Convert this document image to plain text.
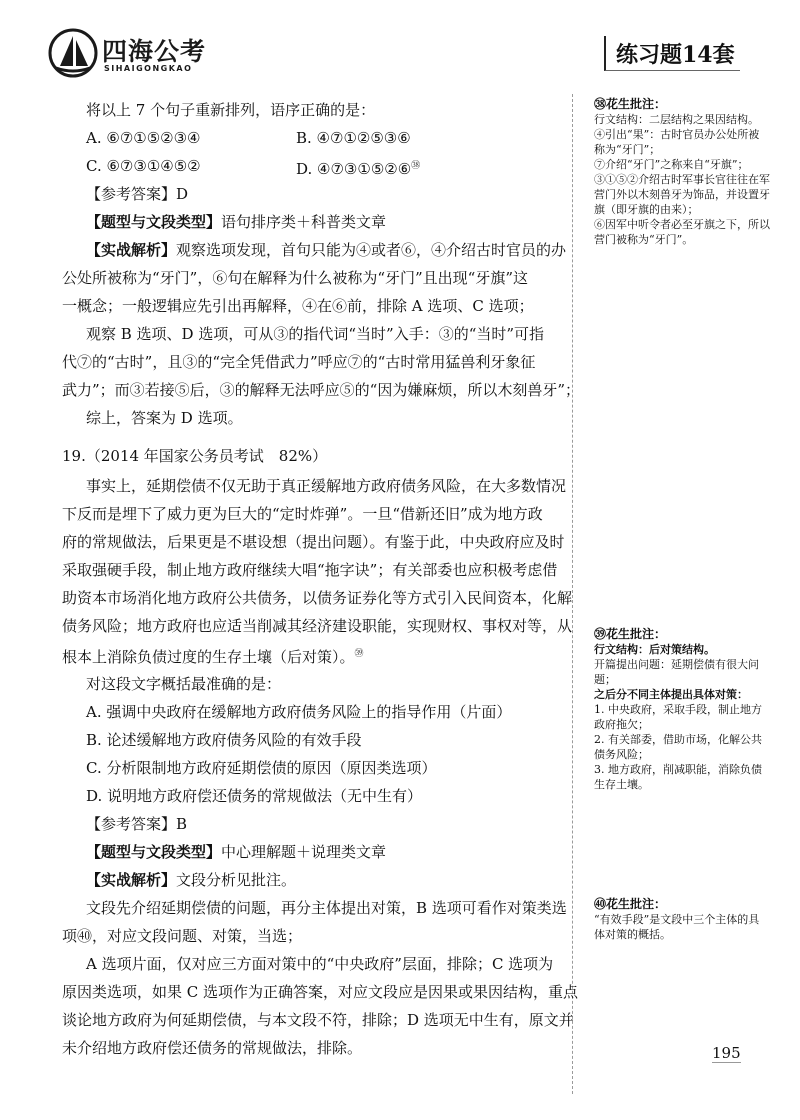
四海公考
SIHAIGONGKAO
练习题14套
将以上 7 个句子重新排列，语序正确的是：
A. ⑥⑦①⑤②③④	B. ④⑦①②⑤③⑥
C. ⑥⑦③①④⑤②	D. ④⑦③①⑤②⑥$^㊳$
【参考答案】D
【题型与文段类型】语句排序类＋科普类文章
【实战解析】观察选项发现，首句只能为④或者⑥，④介绍古时官员的办
公处所被称为“牙门”，⑥句在解释为什么被称为“牙门”且出现“牙旗”这
一概念；一般逻辑应先引出再解释，④在⑥前，排除 A 选项、C 选项；
观察 B 选项、D 选项，可从③的指代词“当时”入手：③的“当时”可指
代⑦的“古时”，且③的“完全凭借武力”呼应⑦的“古时常用猛兽利牙象征
武力”；而③若接⑤后，③的解释无法呼应⑤的“因为嫌麻烦，所以木刻兽牙”；
综上，答案为 D 选项。
19.（2014 年国家公务员考试　82%）
事实上，延期偿债不仅无助于真正缓解地方政府债务风险，在大多数情况
下反而是埋下了威力更为巨大的“定时炸弹”。一旦“借新还旧”成为地方政
府的常规做法，后果更是不堪设想（提出问题）。有鉴于此，中央政府应及时
采取强硬手段，制止地方政府继续大唱“拖字诀”；有关部委也应积极考虑借
助资本市场消化地方政府公共债务，以债务证券化等方式引入民间资本，化解
债务风险；地方政府也应适当削减其经济建设职能，实现财权、事权对等，从
根本上消除负债过度的生存土壤（后对策）。$^㊴$
对这段文字概括最准确的是：
A. 强调中央政府在缓解地方政府债务风险上的指导作用（片面）
B. 论述缓解地方政府债务风险的有效手段
C. 分析限制地方政府延期偿债的原因（原因类选项）
D. 说明地方政府偿还债务的常规做法（无中生有）
【参考答案】B
【题型与文段类型】中心理解题＋说理类文章
【实战解析】文段分析见批注。
文段先介绍延期偿债的问题，再分主体提出对策，B 选项可看作对策类选
项㊵，对应文段问题、对策，当选；
A 选项片面，仅对应三方面对策中的“中央政府”层面，排除；C 选项为
原因类选项，如果 C 选项作为正确答案，对应文段应是因果或果因结构，重点
谈论地方政府为何延期偿债，与本文段不符，排除；D 选项无中生有，原文并
未介绍地方政府偿还债务的常规做法，排除。
㊳花生批注：
行文结构：二层结构之果因结构。
④引出“果”：古时官员办公处所被称为“牙门”；
⑦介绍“牙门”之称来自“牙旗”；
③①⑤②介绍古时军事长官往往在军营门外以木刻兽牙为饰品，并设置牙旗（即牙旗的由来）；
⑥因军中听令者必至牙旗之下，所以营门被称为“牙门”。
㊴花生批注：
行文结构：后对策结构。
开篇提出问题：延期偿债有很大问题；
之后分不同主体提出具体对策：
1. 中央政府，采取手段，制止地方政府拖欠；
2. 有关部委，借助市场，化解公共债务风险；
3. 地方政府，削减职能，消除负债生存土壤。
㊵花生批注：
“有效手段”是文段中三个主体的具体对策的概括。
195
